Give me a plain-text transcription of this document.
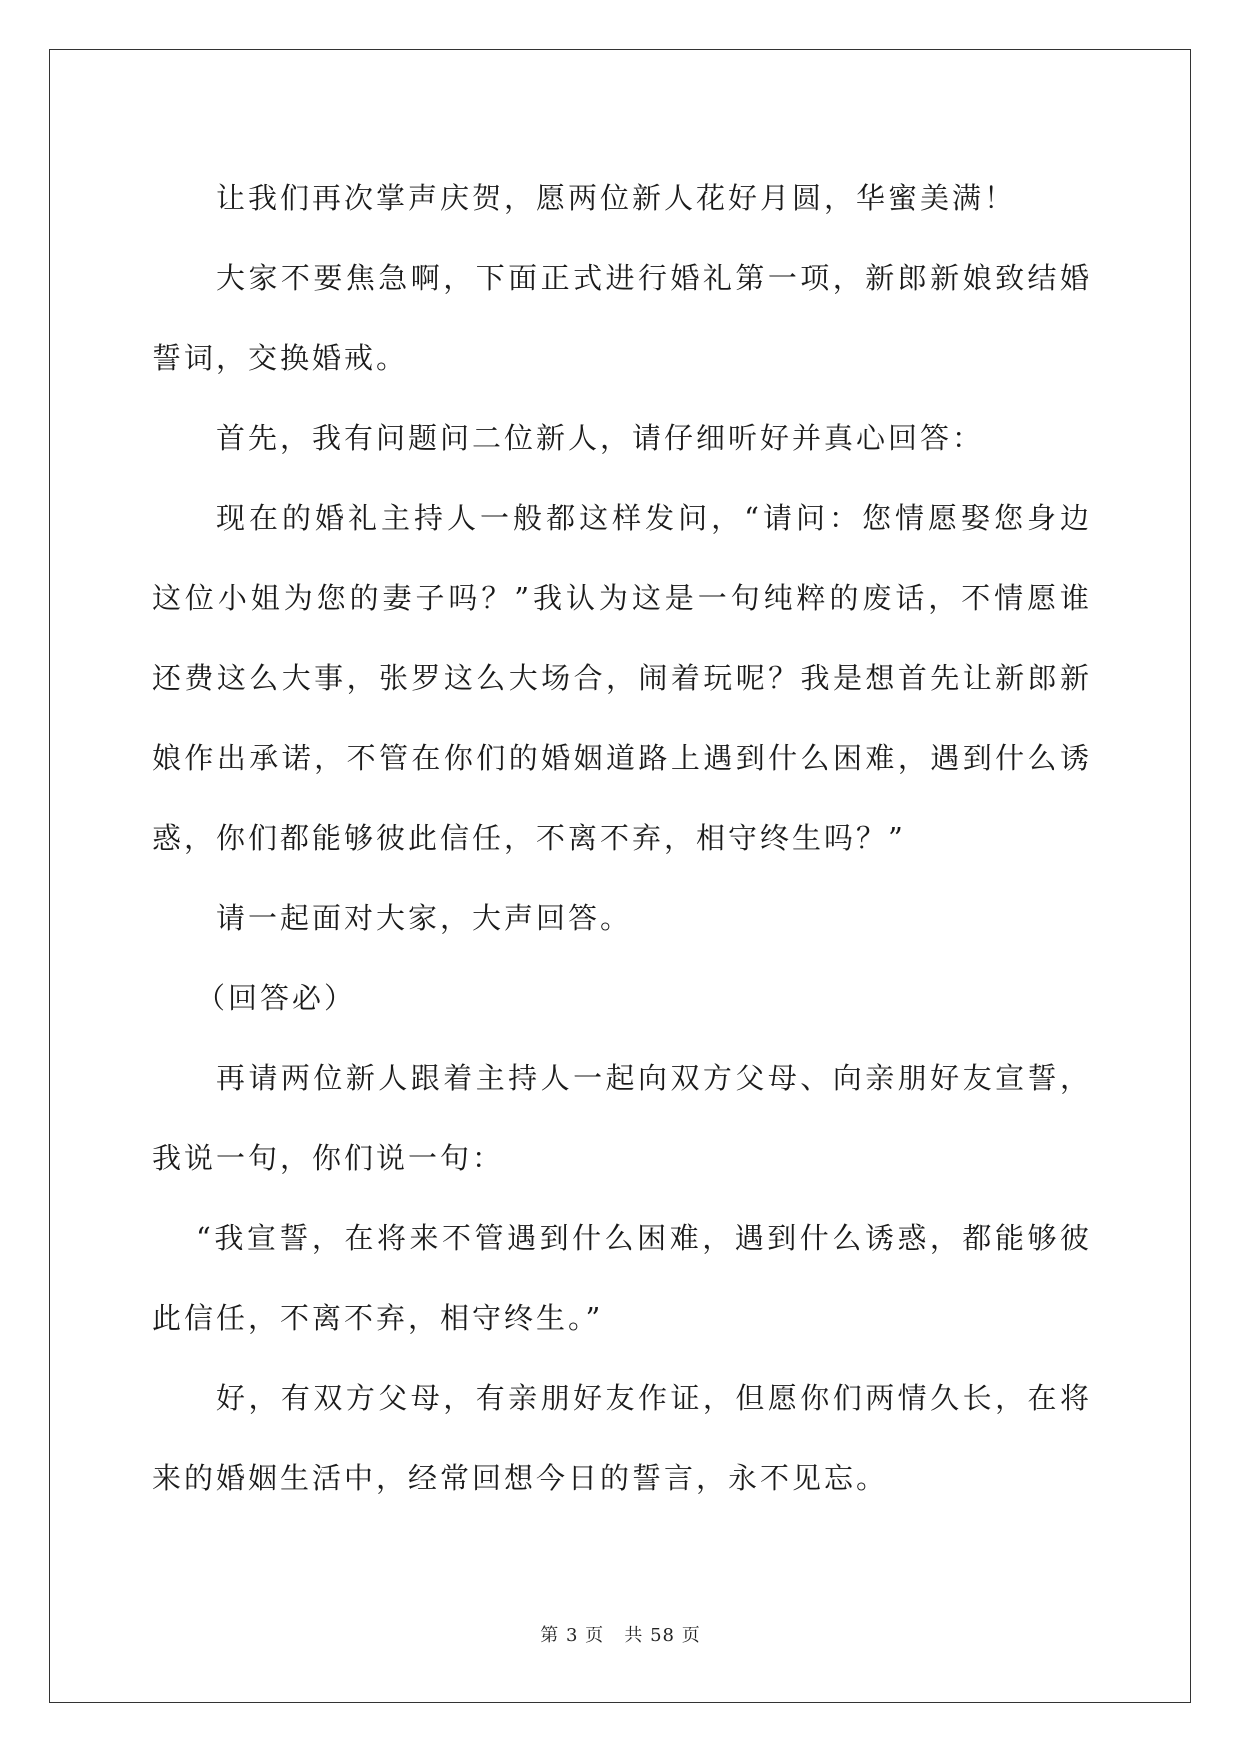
让我们再次掌声庆贺，愿两位新人花好月圆，华蜜美满！

大家不要焦急啊，下面正式进行婚礼第一项，新郎新娘致结婚誓词，交换婚戒。

首先，我有问题问二位新人，请仔细听好并真心回答：

现在的婚礼主持人一般都这样发问，“请问：您情愿娶您身边这位小姐为您的妻子吗？”我认为这是一句纯粹的废话，不情愿谁还费这么大事，张罗这么大场合，闹着玩呢？我是想首先让新郎新娘作出承诺，不管在你们的婚姻道路上遇到什么困难，遇到什么诱惑，你们都能够彼此信任，不离不弃，相守终生吗？”

请一起面对大家，大声回答。

（回答必）

再请两位新人跟着主持人一起向双方父母、向亲朋好友宣誓，我说一句，你们说一句：

“我宣誓，在将来不管遇到什么困难，遇到什么诱惑，都能够彼此信任，不离不弃，相守终生。”

好，有双方父母，有亲朋好友作证，但愿你们两情久长，在将来的婚姻生活中，经常回想今日的誓言，永不见忘。

第 3 页 共 58 页
